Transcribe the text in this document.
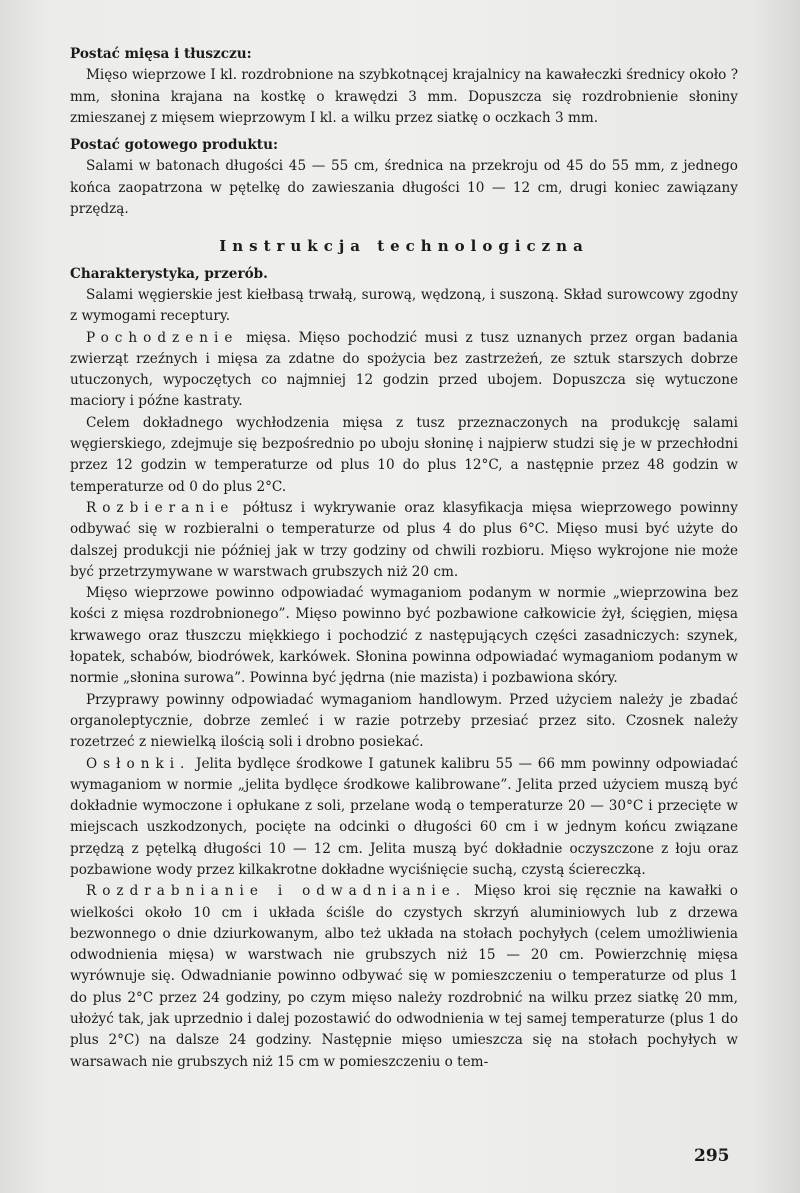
Postać mięsa i tłuszczu:

Mięso wieprzowe I kl. rozdrobnione na szybkotnącej krajalnicy na kawałeczki średnicy około ? mm, słonina krajana na kostkę o krawędzi 3 mm. Dopuszcza się rozdrobnienie słoniny zmieszanej z mięsem wieprzowym I kl. a wilku przez siatkę o oczkach 3 mm.

Postać gotowego produktu:

Salami w batonach długości 45 — 55 cm, średnica na przekroju od 45 do 55 mm, z jednego końca zaopatrzona w pętelkę do zawieszania długości 10 — 12 cm, drugi koniec zawiązany przędzą.

Instrukcja technologiczna

Charakterystyka, przerób.

Salami węgierskie jest kiełbasą trwałą, surową, wędzoną, i suszoną. Skład surowcowy zgodny z wymogami receptury.

Pochodzenie mięsa. Mięso pochodzić musi z tusz uznanych przez organ badania zwierząt rzeźnych i mięsa za zdatne do spożycia bez zastrzeżeń, ze sztuk starszych dobrze utuczonych, wypoczętych co najmniej 12 godzin przed ubojem. Dopuszcza się wytuczone maciory i późne kastraty.

Celem dokładnego wychłodzenia mięsa z tusz przeznaczonych na produkcję salami węgierskiego, zdejmuje się bezpośrednio po uboju słoninę i najpierw studzi się je w przechłodni przez 12 godzin w temperaturze od plus 10 do plus 12°C, a następnie przez 48 godzin w temperaturze od 0 do plus 2°C.

Rozbieranie półtusz i wykrywanie oraz klasyfikacja mięsa wieprzowego powinny odbywać się w rozbieralni o temperaturze od plus 4 do plus 6°C. Mięso musi być użyte do dalszej produkcji nie później jak w trzy godziny od chwili rozbioru. Mięso wykrojone nie może być przetrzymywane w warstwach grubszych niż 20 cm.

Mięso wieprzowe powinno odpowiadać wymaganiom podanym w normie „wieprzowina bez kości z mięsa rozdrobnionego”. Mięso powinno być pozbawione całkowicie żył, ścięgien, mięsa krwawego oraz tłuszczu miękkiego i pochodzić z następujących części zasadniczych: szynek, łopatek, schabów, biodrówek, karkówek. Słonina powinna odpowiadać wymaganiom podanym w normie „słonina surowa”. Powinna być jędrna (nie mazista) i pozbawiona skóry.

Przyprawy powinny odpowiadać wymaganiom handlowym. Przed użyciem należy je zbadać organoleptycznie, dobrze zemleć i w razie potrzeby przesiać przez sito. Czosnek należy rozetrzeć z niewielką ilością soli i drobno posiekać.

Osłonki. Jelita bydlęce środkowe I gatunek kalibru 55 — 66 mm powinny odpowiadać wymaganiom w normie „jelita bydlęce środkowe kalibrowane”. Jelita przed użyciem muszą być dokładnie wymoczone i opłukane z soli, przelane wodą o temperaturze 20 — 30°C i przecięte w miejscach uszkodzonych, pocięte na odcinki o długości 60 cm i w jednym końcu związane przędzą z pętelką długości 10 — 12 cm. Jelita muszą być dokładnie oczyszczone z łoju oraz pozbawione wody przez kilkakrotne dokładne wyciśnięcie suchą, czystą ściereczką.

Rozdrabnianie i odwadnianie. Mięso kroi się ręcznie na kawałki o wielkości około 10 cm i układa ściśle do czystych skrzyń aluminiowych lub z drzewa bezwonnego o dnie dziurkowanym, albo też układa na stołach pochyłych (celem umożliwienia odwodnienia mięsa) w warstwach nie grubszych niż 15 — 20 cm. Powierzchnię mięsa wyrównuje się. Odwadnianie powinno odbywać się w pomieszczeniu o temperaturze od plus 1 do plus 2°C przez 24 godziny, po czym mięso należy rozdrobnić na wilku przez siatkę 20 mm, ułożyć tak, jak uprzednio i dalej pozostawić do odwodnienia w tej samej temperaturze (plus 1 do plus 2°C) na dalsze 24 godziny. Następnie mięso umieszcza się na stołach pochyłych w warsawach nie grubszych niż 15 cm w pomieszczeniu o tem-

295
